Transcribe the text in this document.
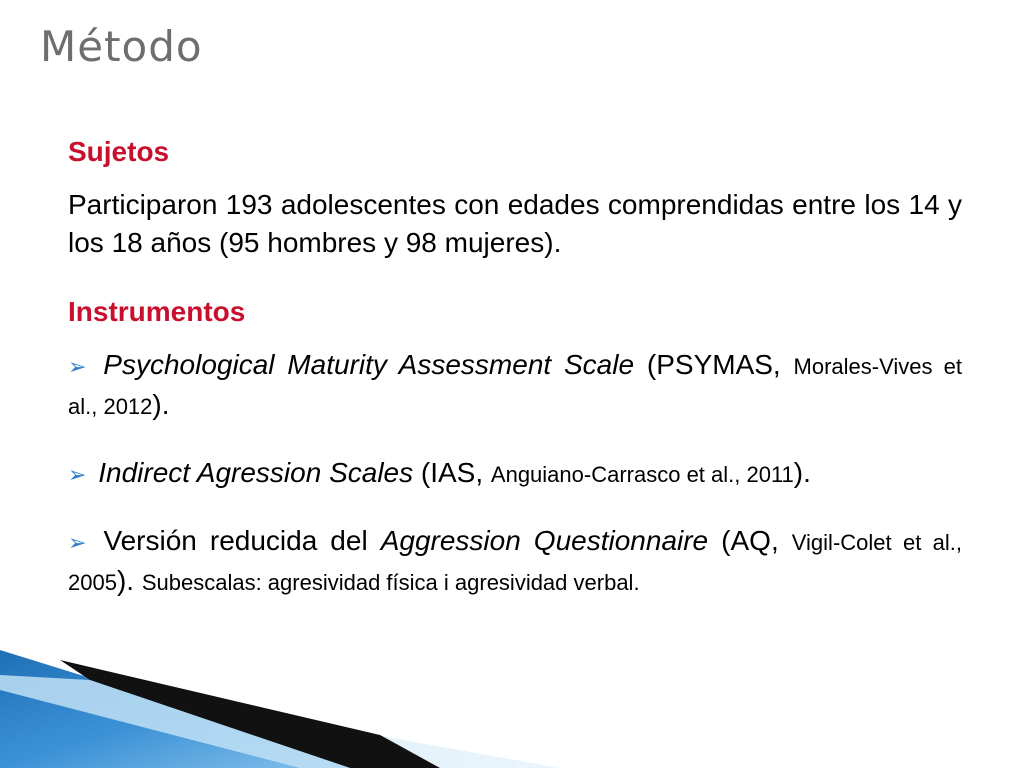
Método
Sujetos

Participaron 193 adolescentes con edades comprendidas entre los 14 y los 18 años (95 hombres y 98 mujeres).

Instrumentos

➢ Psychological Maturity Assessment Scale (PSYMAS, Morales-Vives et al., 2012).

➢ Indirect Agression Scales (IAS, Anguiano-Carrasco et al., 2011).

➢ Versión reducida del Aggression Questionnaire (AQ, Vigil-Colet et al., 2005). Subescalas: agresividad física i agresividad verbal.
